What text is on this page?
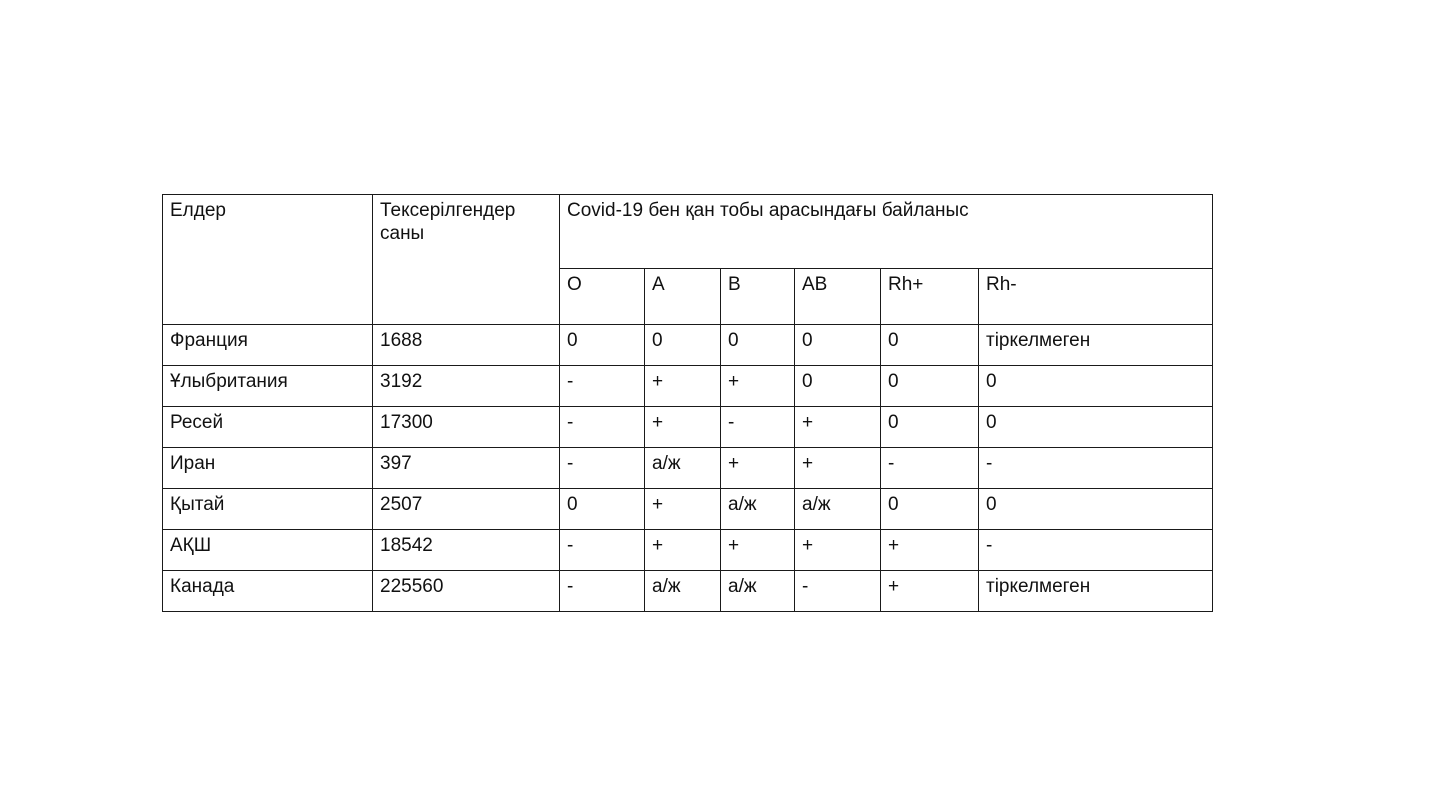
Елдер	Тексерілгендер саны	Covid-19 бен қан тобы арасындағы байланыс					
		O	A	B	AB	Rh+	Rh-
Франция	1688	0	0	0	0	0	тіркелмеген
Ұлыбритания	3192	-	+	+	0	0	0
Ресей	17300	-	+	-	+	0	0
Иран	397	-	а/ж	+	+	-	-
Қытай	2507	0	+	а/ж	а/ж	0	0
АҚШ	18542	-	+	+	+	+	-
Канада	225560	-	а/ж	а/ж	-	+	тіркелмеген
